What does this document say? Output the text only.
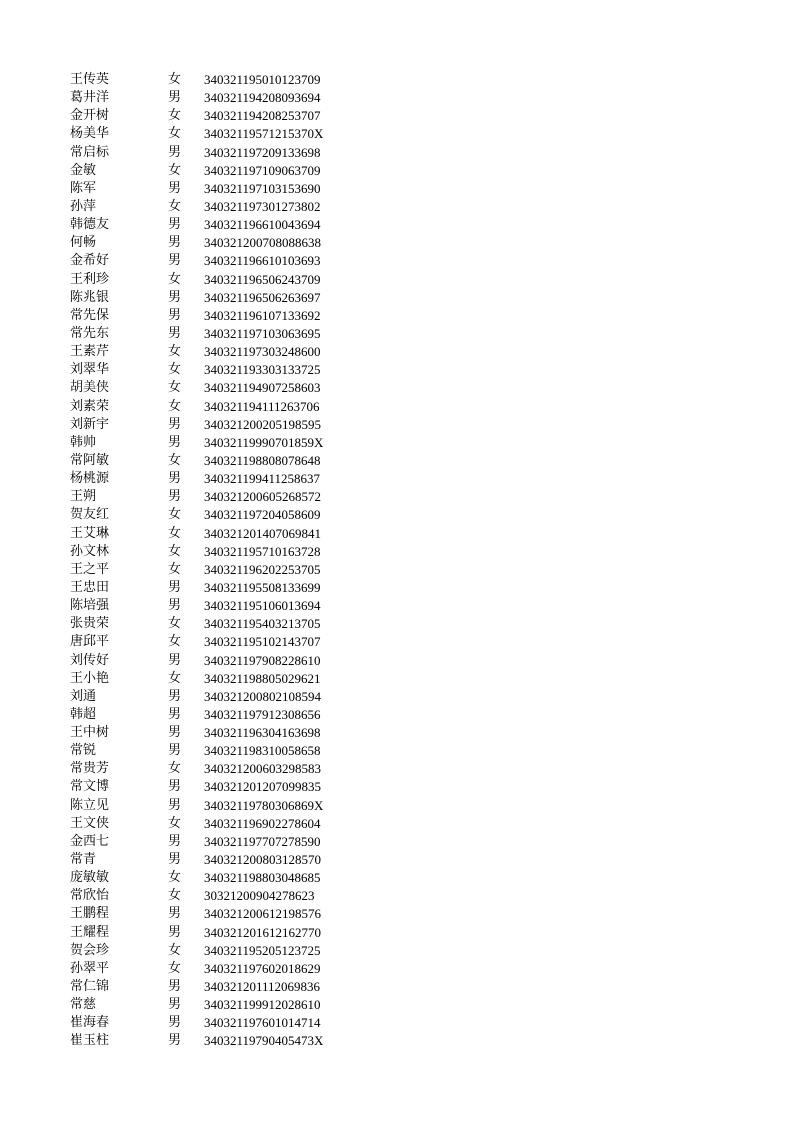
王传英	女 340321195010123709
葛井洋	男 340321194208093694
金开树	女 340321194208253707
杨美华	女 34032119571215370X
常启标	男 340321197209133698
金敏	女 340321197109063709
陈军	男 340321197103153690
孙萍	女 340321197301273802
韩德友	男 340321196610043694
何畅	男 340321200708088638
金希好	男 340321196610103693
王利珍	女 340321196506243709
陈兆银	男 340321196506263697
常先保	男 340321196107133692
常先东	男 340321197103063695
王素芹	女 340321197303248600
刘翠华	女 340321193303133725
胡美侠	女 340321194907258603
刘素荣	女 340321194111263706
刘新宇	男 340321200205198595
韩帅	男 34032119990701859X
常阿敏	女 340321198808078648
杨桃源	男 340321199411258637
王朔	男 340321200605268572
贺友红	女 340321197204058609
王艾琳	女 340321201407069841
孙文林	女 340321195710163728
王之平	女 340321196202253705
王忠田	男 340321195508133699
陈培强	男 340321195106013694
张贵荣	女 340321195403213705
唐邱平	女 340321195102143707
刘传好	男 340321197908228610
王小艳	女 340321198805029621
刘通	男 340321200802108594
韩超	男 340321197912308656
王中树	男 340321196304163698
常锐	男 340321198310058658
常贵芳	女 340321200603298583
常文博	男 340321201207099835
陈立见	男 34032119780306869X
王文侠	女 340321196902278604
金西七	男 340321197707278590
常青	男 340321200803128570
庞敏敏	女 340321198803048685
常欣怡	女 30321200904278623
王鹏程	男 340321200612198576
王耀程	男 340321201612162770
贺会珍	女 340321195205123725
孙翠平	女 340321197602018629
常仁锦	男 340321201112069836
常慈	男 340321199912028610
崔海春	男 340321197601014714
崔玉柱	男 34032119790405473X
